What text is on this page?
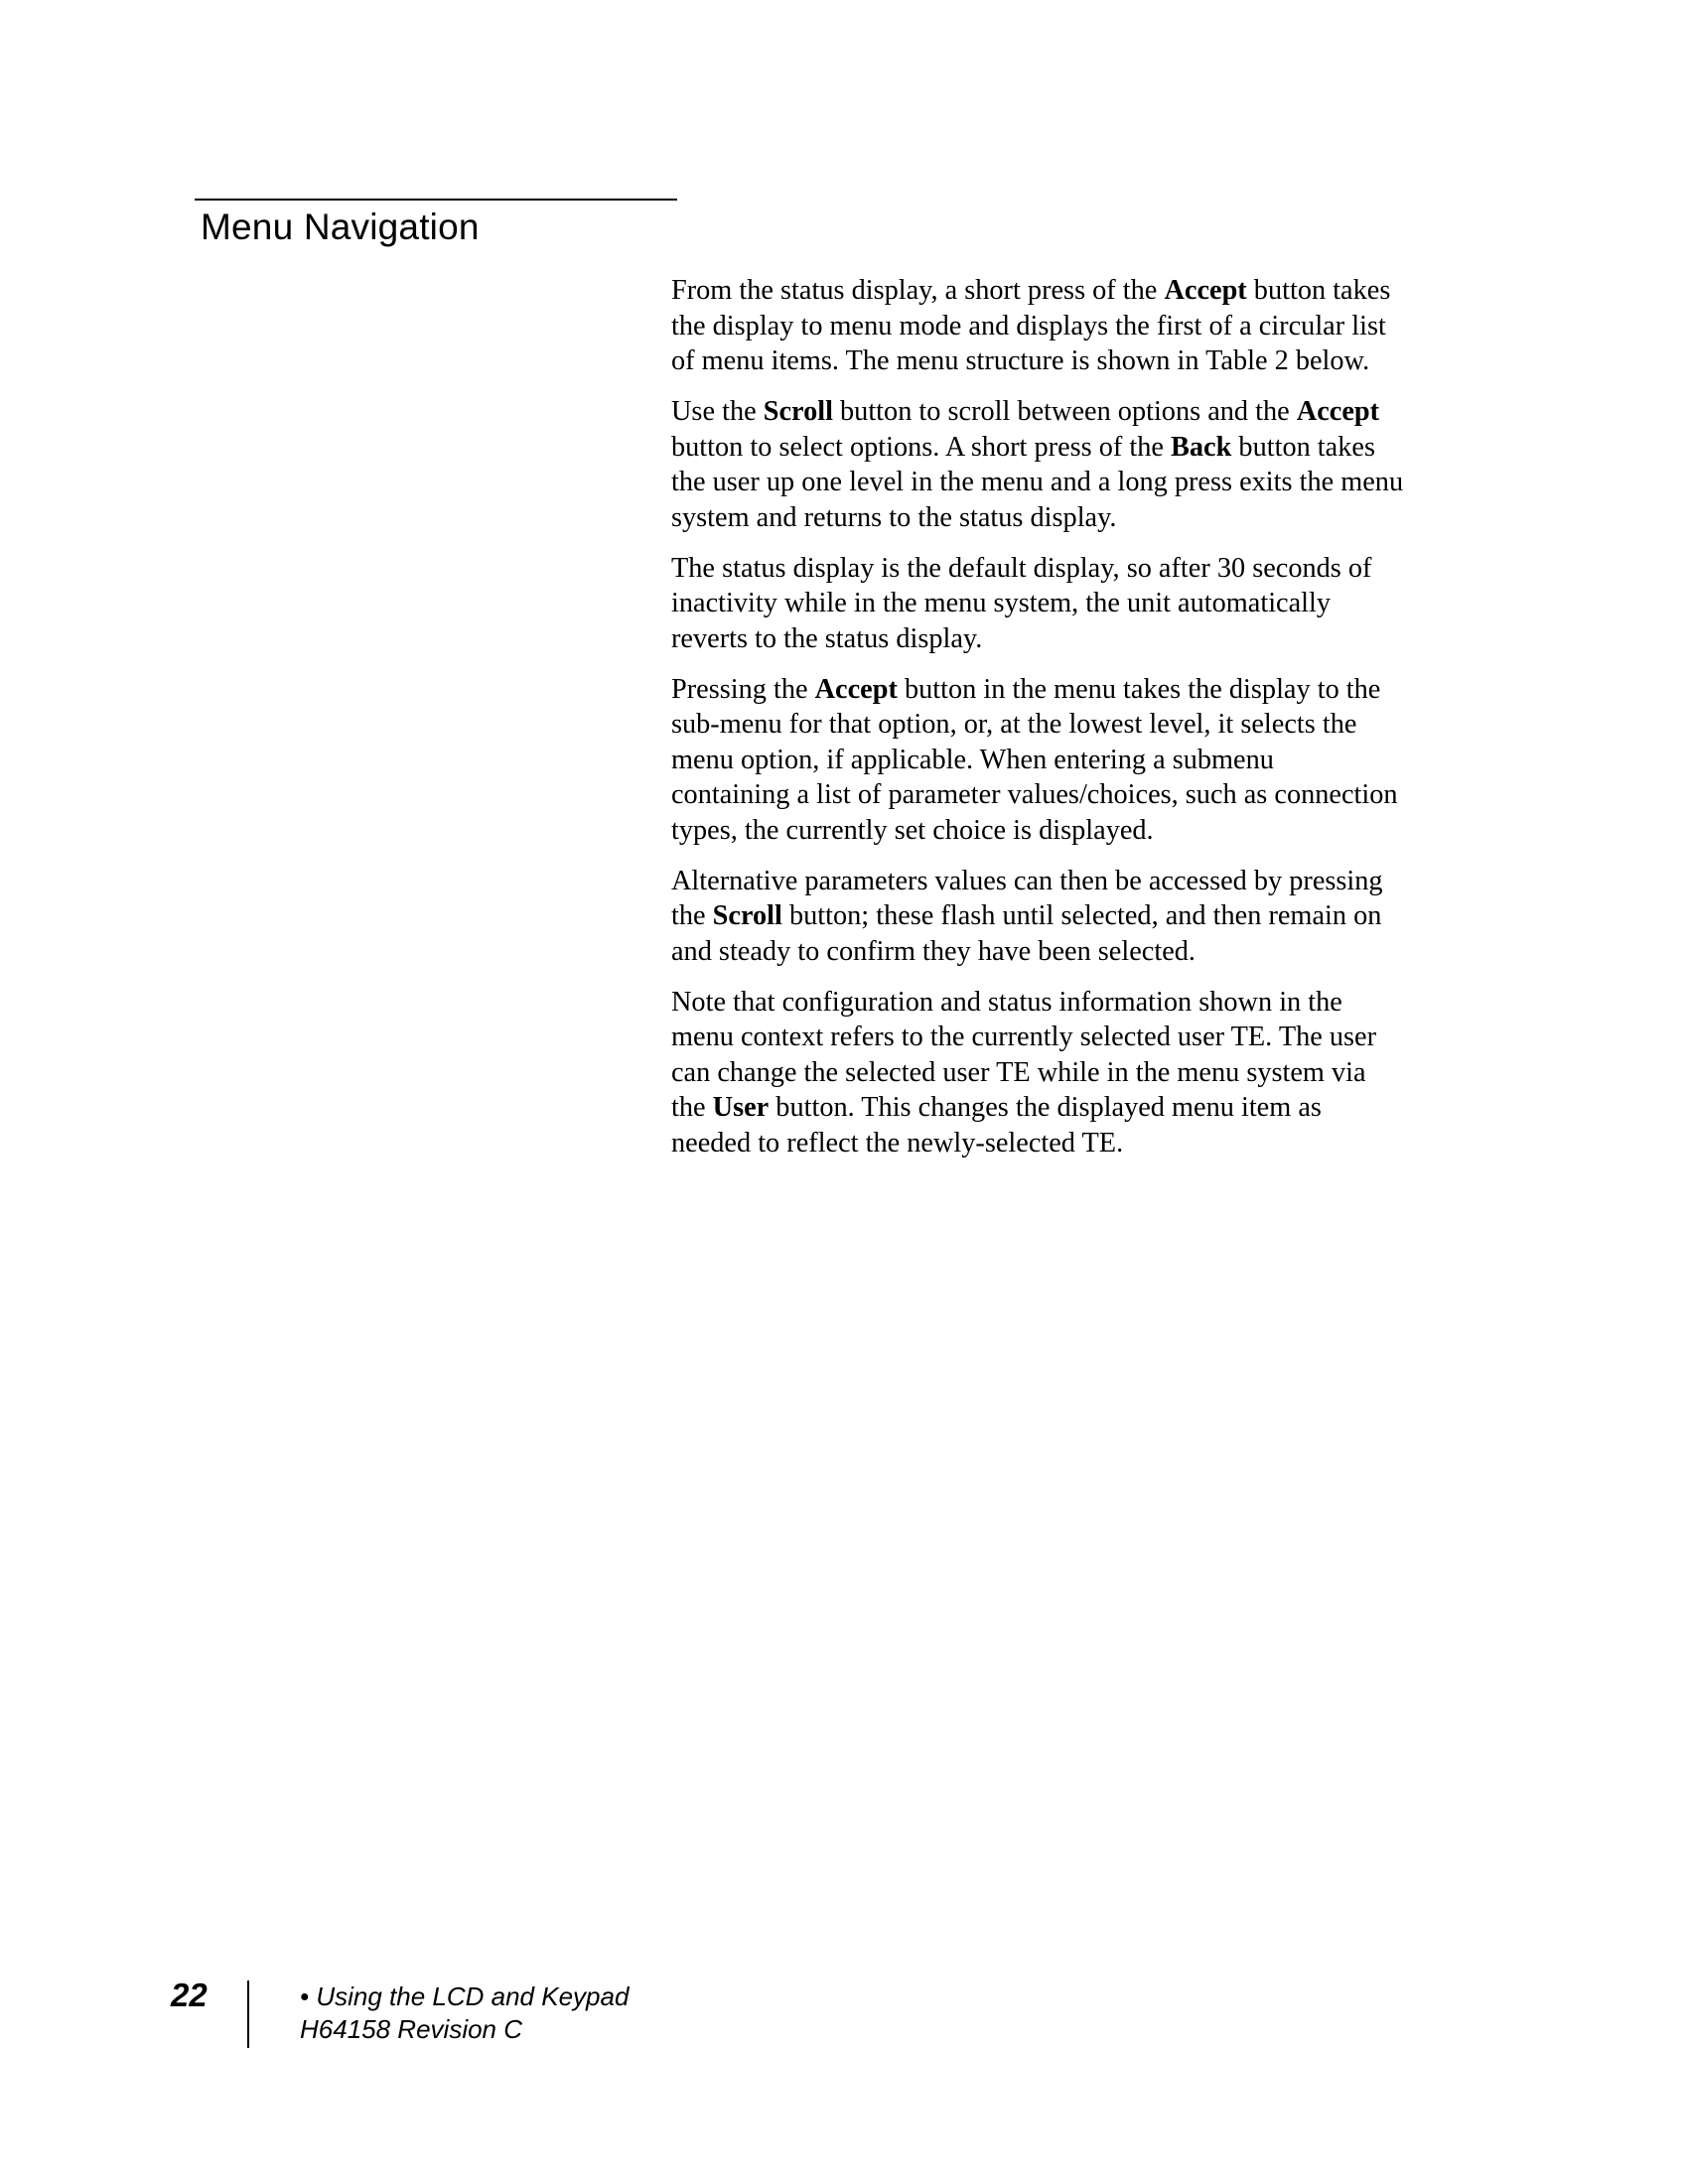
Menu Navigation

From the status display, a short press of the Accept button takes
the display to menu mode and displays the first of a circular list
of menu items. The menu structure is shown in Table 2 below.

Use the Scroll button to scroll between options and the Accept
button to select options. A short press of the Back button takes
the user up one level in the menu and a long press exits the menu
system and returns to the status display.

The status display is the default display, so after 30 seconds of
inactivity while in the menu system, the unit automatically
reverts to the status display.

Pressing the Accept button in the menu takes the display to the
sub-menu for that option, or, at the lowest level, it selects the
menu option, if applicable. When entering a submenu
containing a list of parameter values/choices, such as connection
types, the currently set choice is displayed.

Alternative parameters values can then be accessed by pressing
the Scroll button; these flash until selected, and then remain on
and steady to confirm they have been selected.

Note that configuration and status information shown in the
menu context refers to the currently selected user TE. The user
can change the selected user TE while in the menu system via
the User button. This changes the displayed menu item as
needed to reflect the newly-selected TE.

22	• Using the LCD and Keypad
H64158 Revision C
